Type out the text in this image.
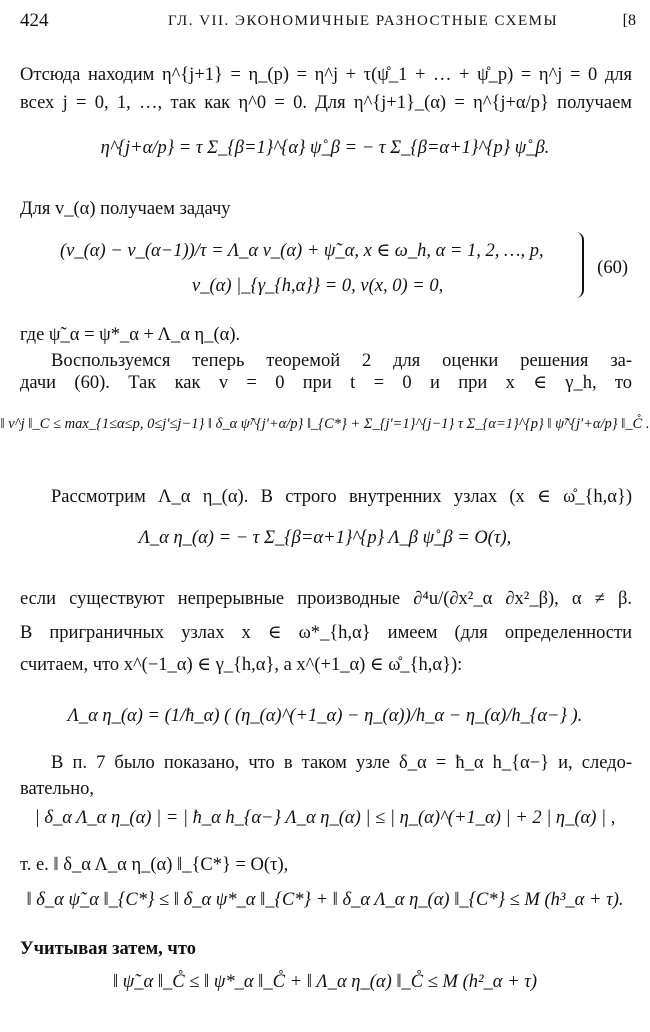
424	ГЛ. VII. ЭКОНОМИЧНЫЕ РАЗНОСТНЫЕ СХЕМЫ	[8
Отсюда находим η^{j+1} = η_(p) = η^j + τ(ψ̊_1 + … + ψ̊_p) = η^j = 0 для
всех j = 0, 1, …, так как η^0 = 0. Для η^{j+1}_(α) = η^{j+α/p} получаем
η^{j+α/p} = τ Σ_{β=1}^{α} ψ̊_β = − τ Σ_{β=α+1}^{p} ψ̊_β.
Для v_(α) получаем задачу
(v_(α) − v_(α−1))/τ = Λ_α v_(α) + ψ̃_α, x ∈ ω_h, α = 1, 2, …, p,
v_(α) |_{γ_{h,α}} = 0, v(x, 0) = 0,
(60)
где ψ̃_α = ψ*_α + Λ_α η_(α).
Воспользуемся теперь теоремой 2 для оценки решения за-
дачи (60). Так как v = 0 при t = 0 и при x ∈ γ_h, то
‖ v^j ‖_C ≤ max_{1≤α≤p, 0≤j'≤j−1} ‖ δ_α ψ̃^{j'+α/p} ‖_{C*} + Σ_{j'=1}^{j−1} τ Σ_{α=1}^{p} ‖ ψ̃^{j'+α/p} ‖_C̊ .
Рассмотрим Λ_α η_(α). В строго внутренних узлах (x ∈ ω̊_{h,α})
Λ_α η_(α) = − τ Σ_{β=α+1}^{p} Λ_β ψ̊_β = O(τ),
если существуют непрерывные производные ∂⁴u/(∂x²_α ∂x²_β), α ≠ β.
В приграничных узлах x ∈ ω*_{h,α} имеем (для определенности
считаем, что x^(−1_α) ∈ γ_{h,α}, а x^(+1_α) ∈ ω̊_{h,α}):
Λ_α η_(α) = (1/ħ_α) ( (η_(α)^(+1_α) − η_(α))/h_α − η_(α)/h_{α−} ).
В п. 7 было показано, что в таком узле δ_α = ħ_α h_{α−} и, следо-
вательно,
| δ_α Λ_α η_(α) | = | ħ_α h_{α−} Λ_α η_(α) | ≤ | η_(α)^(+1_α) | + 2 | η_(α) | ,
т. е. ‖ δ_α Λ_α η_(α) ‖_{C*} = O(τ),
‖ δ_α ψ̃_α ‖_{C*} ≤ ‖ δ_α ψ*_α ‖_{C*} + ‖ δ_α Λ_α η_(α) ‖_{C*} ≤ M (h³_α + τ).
Учитывая затем, что
‖ ψ̃_α ‖_C̊ ≤ ‖ ψ*_α ‖_C̊ + ‖ Λ_α η_(α) ‖_C̊ ≤ M (h²_α + τ)
